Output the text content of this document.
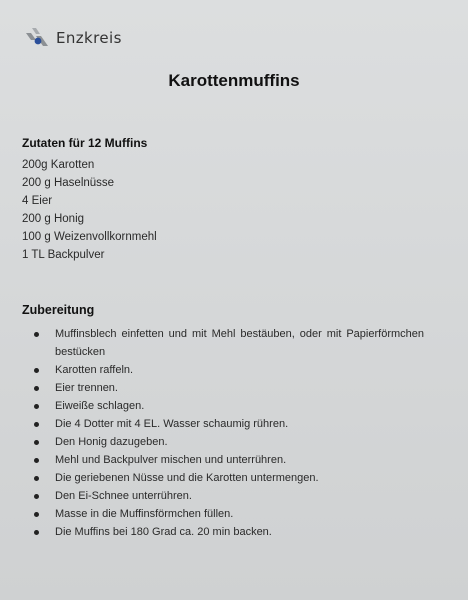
Enzkreis
Karottenmuffins
Zutaten für 12 Muffins
200g Karotten
200 g Haselnüsse
4 Eier
200 g Honig
100 g Weizenvollkornmehl
1 TL Backpulver
Zubereitung
Muffinsblech einfetten und mit Mehl bestäuben, oder mit Papierförmchen bestücken
Karotten raffeln.
Eier trennen.
Eiweiße schlagen.
Die 4 Dotter mit 4 EL. Wasser schaumig rühren.
Den Honig dazugeben.
Mehl und Backpulver mischen und unterrühren.
Die geriebenen Nüsse und die Karotten untermengen.
Den Ei-Schnee unterrühren.
Masse in die Muffinsförmchen füllen.
Die Muffins bei 180 Grad ca. 20 min backen.
